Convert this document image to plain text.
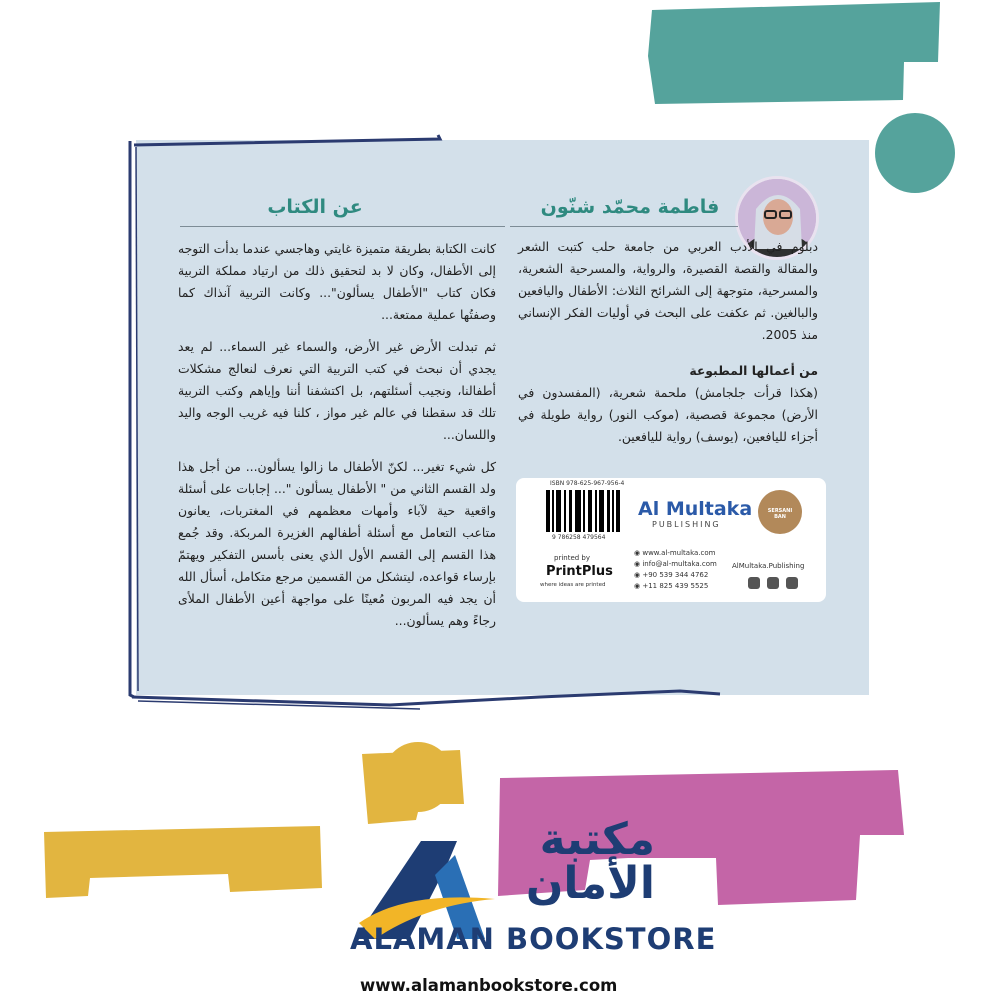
فاطمة محمّد شنّون

دبلوم في الأدب العربي من جامعة حلب كتبت الشعر والمقالة والقصة القصيرة، والرواية، والمسرحية الشعرية، والمسرحية، متوجهة إلى الشرائح الثلاث: الأطفال واليافعين والبالغين. ثم عكفت على البحث في أوليات الفكر الإنساني منذ 2005.

من أعمالها المطبوعة

(هكذا قرأت جلجامش) ملحمة شعرية، (المفسدون في الأرض) مجموعة قصصية، (موكب النور) رواية طويلة في أجزاء لليافعين، (يوسف) رواية لليافعين.

عن الكتاب

كانت الكتابة بطريقة متميزة غايتي وهاجسي عندما بدأت التوجه إلى الأطفال، وكان لا بد لتحقيق ذلك من ارتياد مملكة التربية فكان كتاب "الأطفال يسألون"... وكانت التربية آنذاك كما وصفتُها عملية ممتعة...

ثم تبدلت الأرض غير الأرض، والسماء غير السماء... لم يعد يجدي أن نبحث في كتب التربية التي نعرف لنعالج مشكلات أطفالنا، ونجيب أسئلتهم، بل اكتشفنا أننا وإياهم وكتب التربية تلك قد سقطنا في عالم غير مواز ، كلنا فيه غريب الوجه واليد واللسان...

كل شيء تغير... لكنّ الأطفال ما زالوا يسألون... من أجل هذا ولد القسم الثاني من " الأطفال يسألون "... إجابات على أسئلة واقعية حية لآباء وأمهات معظمهم في المغتربات، يعانون متاعب التعامل مع أسئلة أطفالهم الغزيرة المربكة. وقد جُمع هذا القسم إلى القسم الأول الذي يعنى بأسس التفكير ويهتمّ بإرساء قواعده، ليتشكل من القسمين مرجع متكامل، أسأل الله أن يجد فيه المربون مُعينًا على مواجهة أعين الأطفال الملأى رجاءً وهم يسألون...

ISBN 978-625-967-956-4
9 786258 479564
Al Multaka
PUBLISHING
SERSANI BAN
printed by
PrintPlus
where ideas are printed
◉ www.al-multaka.com
◉ info@al-multaka.com
◉ +90 539 344 4762
◉ +11 825 439 5525
AlMultaka.Publishing

مكتبة
الأمان
ALAMAN BOOKSTORE
www.alamanbookstore.com
